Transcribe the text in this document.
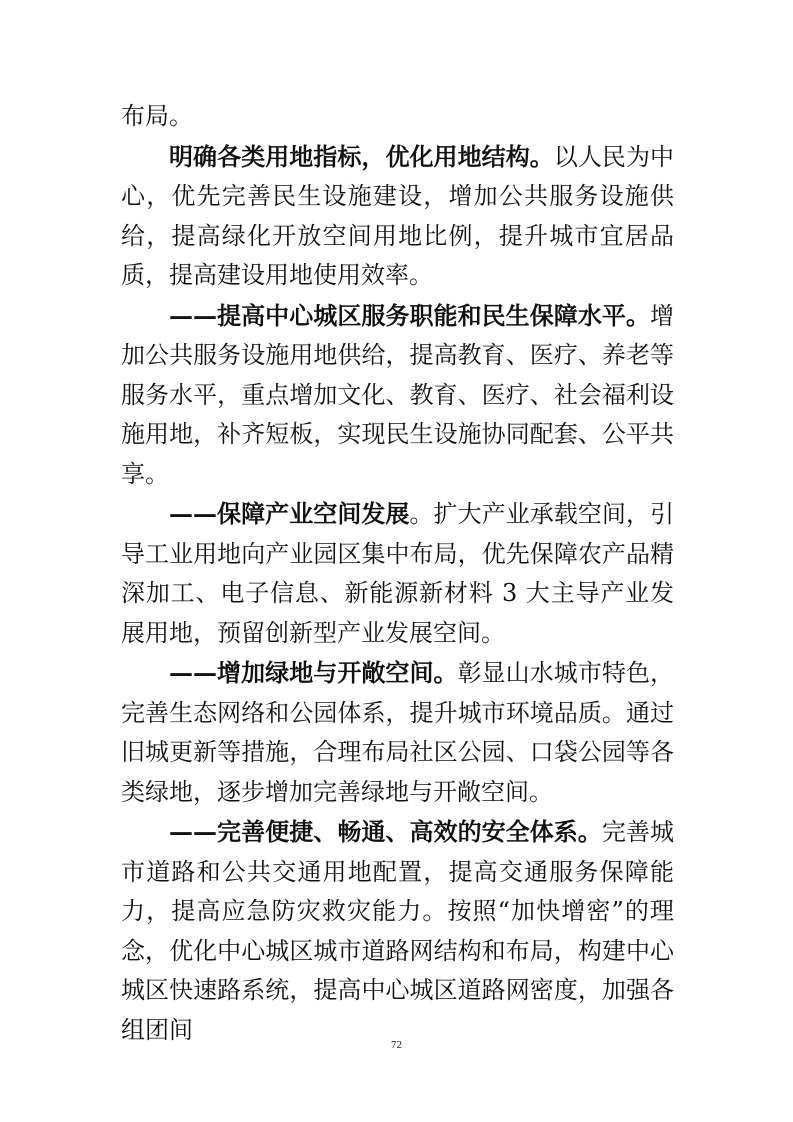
布局。

明确各类用地指标，优化用地结构。以人民为中心，优先完善民生设施建设，增加公共服务设施供给，提高绿化开放空间用地比例，提升城市宜居品质，提高建设用地使用效率。

——提高中心城区服务职能和民生保障水平。增加公共服务设施用地供给，提高教育、医疗、养老等服务水平，重点增加文化、教育、医疗、社会福利设施用地，补齐短板，实现民生设施协同配套、公平共享。

——保障产业空间发展。扩大产业承载空间，引导工业用地向产业园区集中布局，优先保障农产品精深加工、电子信息、新能源新材料 3 大主导产业发展用地，预留创新型产业发展空间。

——增加绿地与开敞空间。彰显山水城市特色，完善生态网络和公园体系，提升城市环境品质。通过旧城更新等措施，合理布局社区公园、口袋公园等各类绿地，逐步增加完善绿地与开敞空间。

——完善便捷、畅通、高效的安全体系。完善城市道路和公共交通用地配置，提高交通服务保障能力，提高应急防灾救灾能力。按照“加快增密”的理念，优化中心城区城市道路网结构和布局，构建中心城区快速路系统，提高中心城区道路网密度，加强各组团间

72
